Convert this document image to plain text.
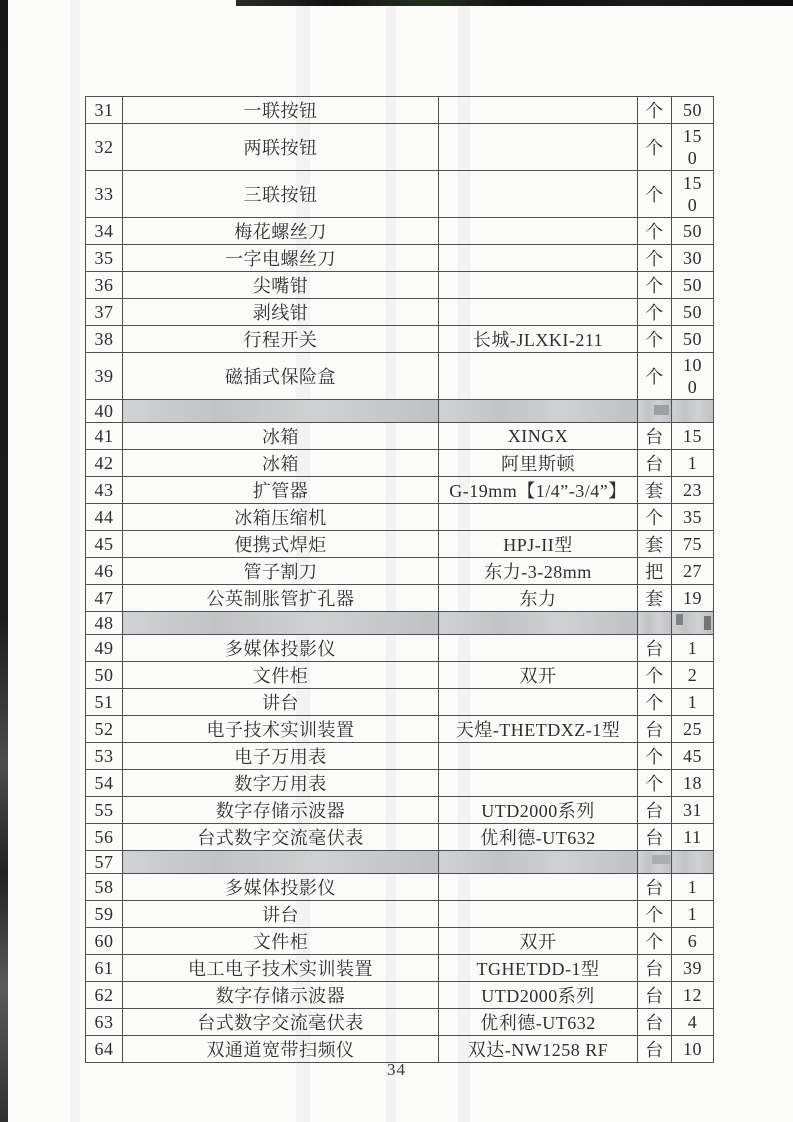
31	一联按钮		个	50
32	两联按钮		个	150
33	三联按钮		个	150
34	梅花螺丝刀		个	50
35	一字电螺丝刀		个	30
36	尖嘴钳		个	50
37	剥线钳		个	50
38	行程开关	长城-JLXKI-211	个	50
39	磁插式保险盒		个	100
40			

41	冰箱	XINGX	台	15
42	冰箱	阿里斯顿	台	1
43	扩管器	G-19mm【1/4”-3/4”】	套	23
44	冰箱压缩机		个	35
45	便携式焊炬	HPJ-II型	套	75
46	管子割刀	东力-3-28mm	把	27
47	公英制胀管扩孔器	东力	套	19
48				

49	多媒体投影仪		台	1
50	文件柜	双开	个	2
51	讲台		个	1
52	电子技术实训装置	天煌-THETDXZ-1型	台	25
53	电子万用表		个	45
54	数字万用表		个	18
55	数字存储示波器	UTD2000系列	台	31
56	台式数字交流毫伏表	优利德-UT632	台	11
57			

58	多媒体投影仪		台	1
59	讲台		个	1
60	文件柜	双开	个	6
61	电工电子技术实训装置	TGHETDD-1型	台	39
62	数字存储示波器	UTD2000系列	台	12
63	台式数字交流毫伏表	优利德-UT632	台	4
64	双通道宽带扫频仪	双达-NW1258 RF	台	10
34
